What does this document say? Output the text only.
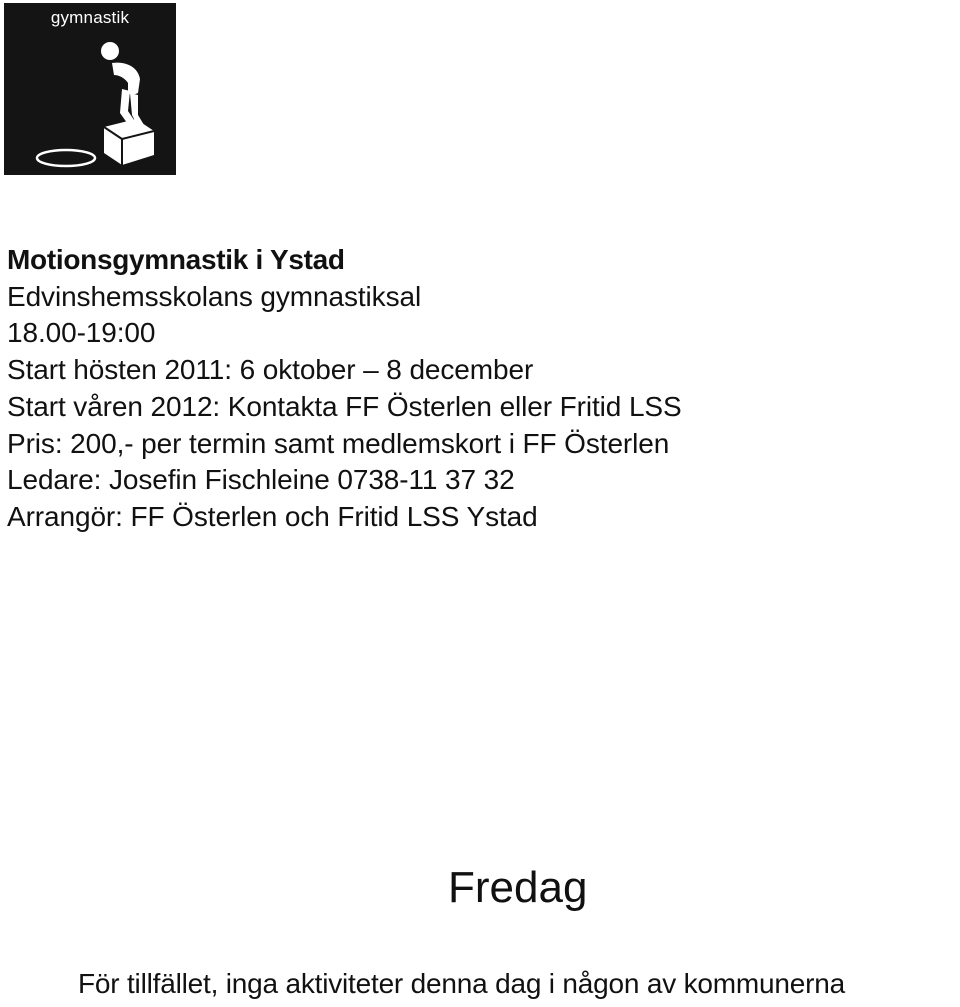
gymnastik
Motionsgymnastik i Ystad
Edvinshemsskolans gymnastiksal
18.00-19:00
Start hösten 2011: 6 oktober – 8 december
Start våren 2012: Kontakta FF Österlen eller Fritid LSS
Pris: 200,- per termin samt medlemskort i FF Österlen
Ledare: Josefin Fischleine 0738-11 37 32
Arrangör: FF Österlen och Fritid LSS Ystad
Fredag
För tillfället, inga aktiviteter denna dag i någon av kommunerna
